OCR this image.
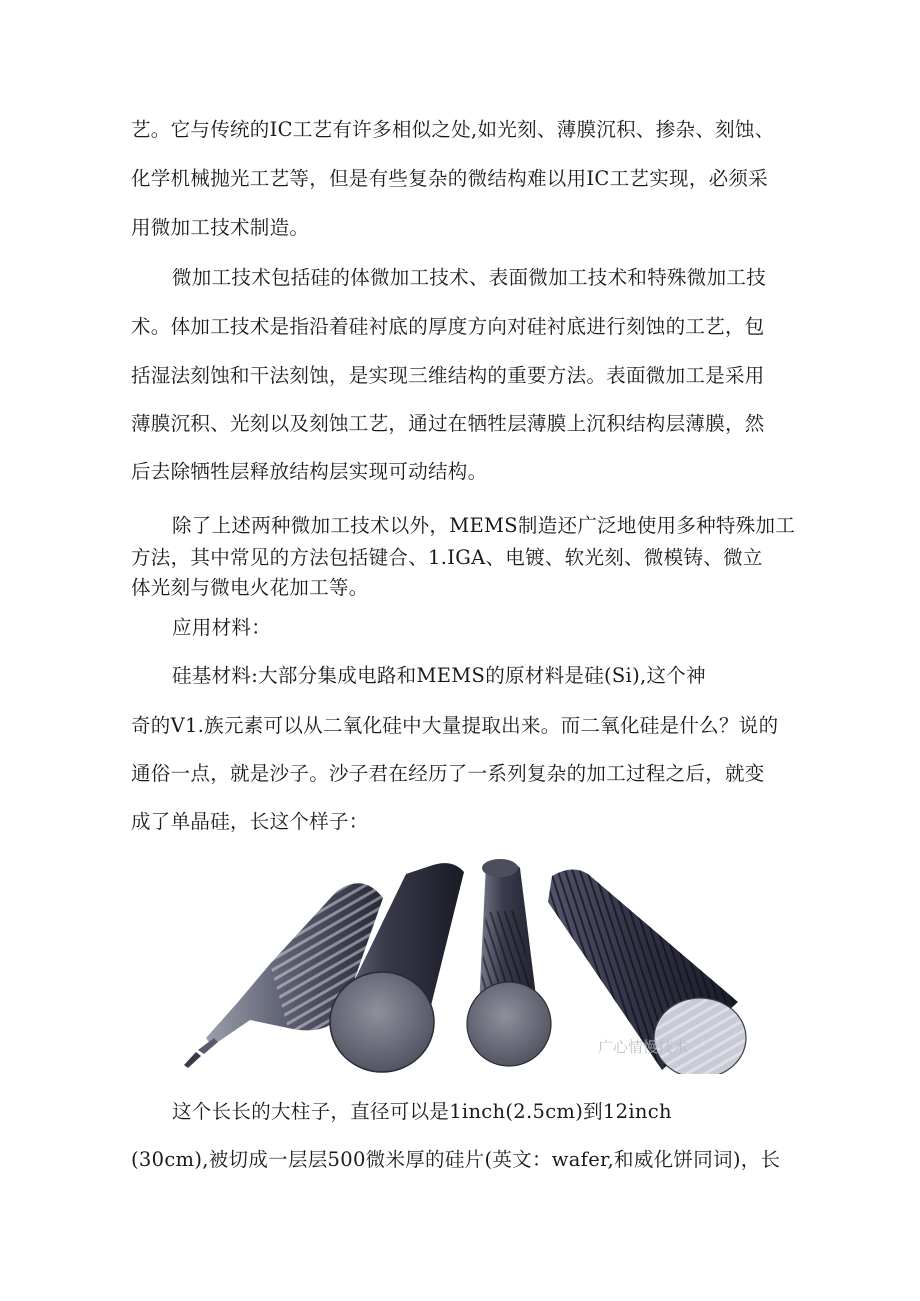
艺。它与传统的IC工艺有许多相似之处,如光刻、薄膜沉积、掺杂、刻蚀、
化学机械抛光工艺等，但是有些复杂的微结构难以用IC工艺实现，必须采
用微加工技术制造。
微加工技术包括硅的体微加工技术、表面微加工技术和特殊微加工技
术。体加工技术是指沿着硅衬底的厚度方向对硅衬底进行刻蚀的工艺，包
括湿法刻蚀和干法刻蚀，是实现三维结构的重要方法。表面微加工是采用
薄膜沉积、光刻以及刻蚀工艺，通过在牺牲层薄膜上沉积结构层薄膜，然
后去除牺牲层释放结构层实现可动结构。
除了上述两种微加工技术以外，MEMS制造还广泛地使用多种特殊加工
方法，其中常见的方法包括键合、1.IGA、电镀、软光刻、微模铸、微立
体光刻与微电火花加工等。
应用材料：
硅基材料:大部分集成电路和MEMS的原材料是硅(Si),这个神
奇的V1.族元素可以从二氧化硅中大量提取出来。而二氧化硅是什么？说的
通俗一点，就是沙子。沙子君在经历了一系列复杂的加工过程之后，就变
成了单晶硅，长这个样子：
广心情慢技术
这个长长的大柱子，直径可以是1inch(2.5cm)到12inch
(30cm),被切成一层层500微米厚的硅片(英文：wafer,和威化饼同词)，长
